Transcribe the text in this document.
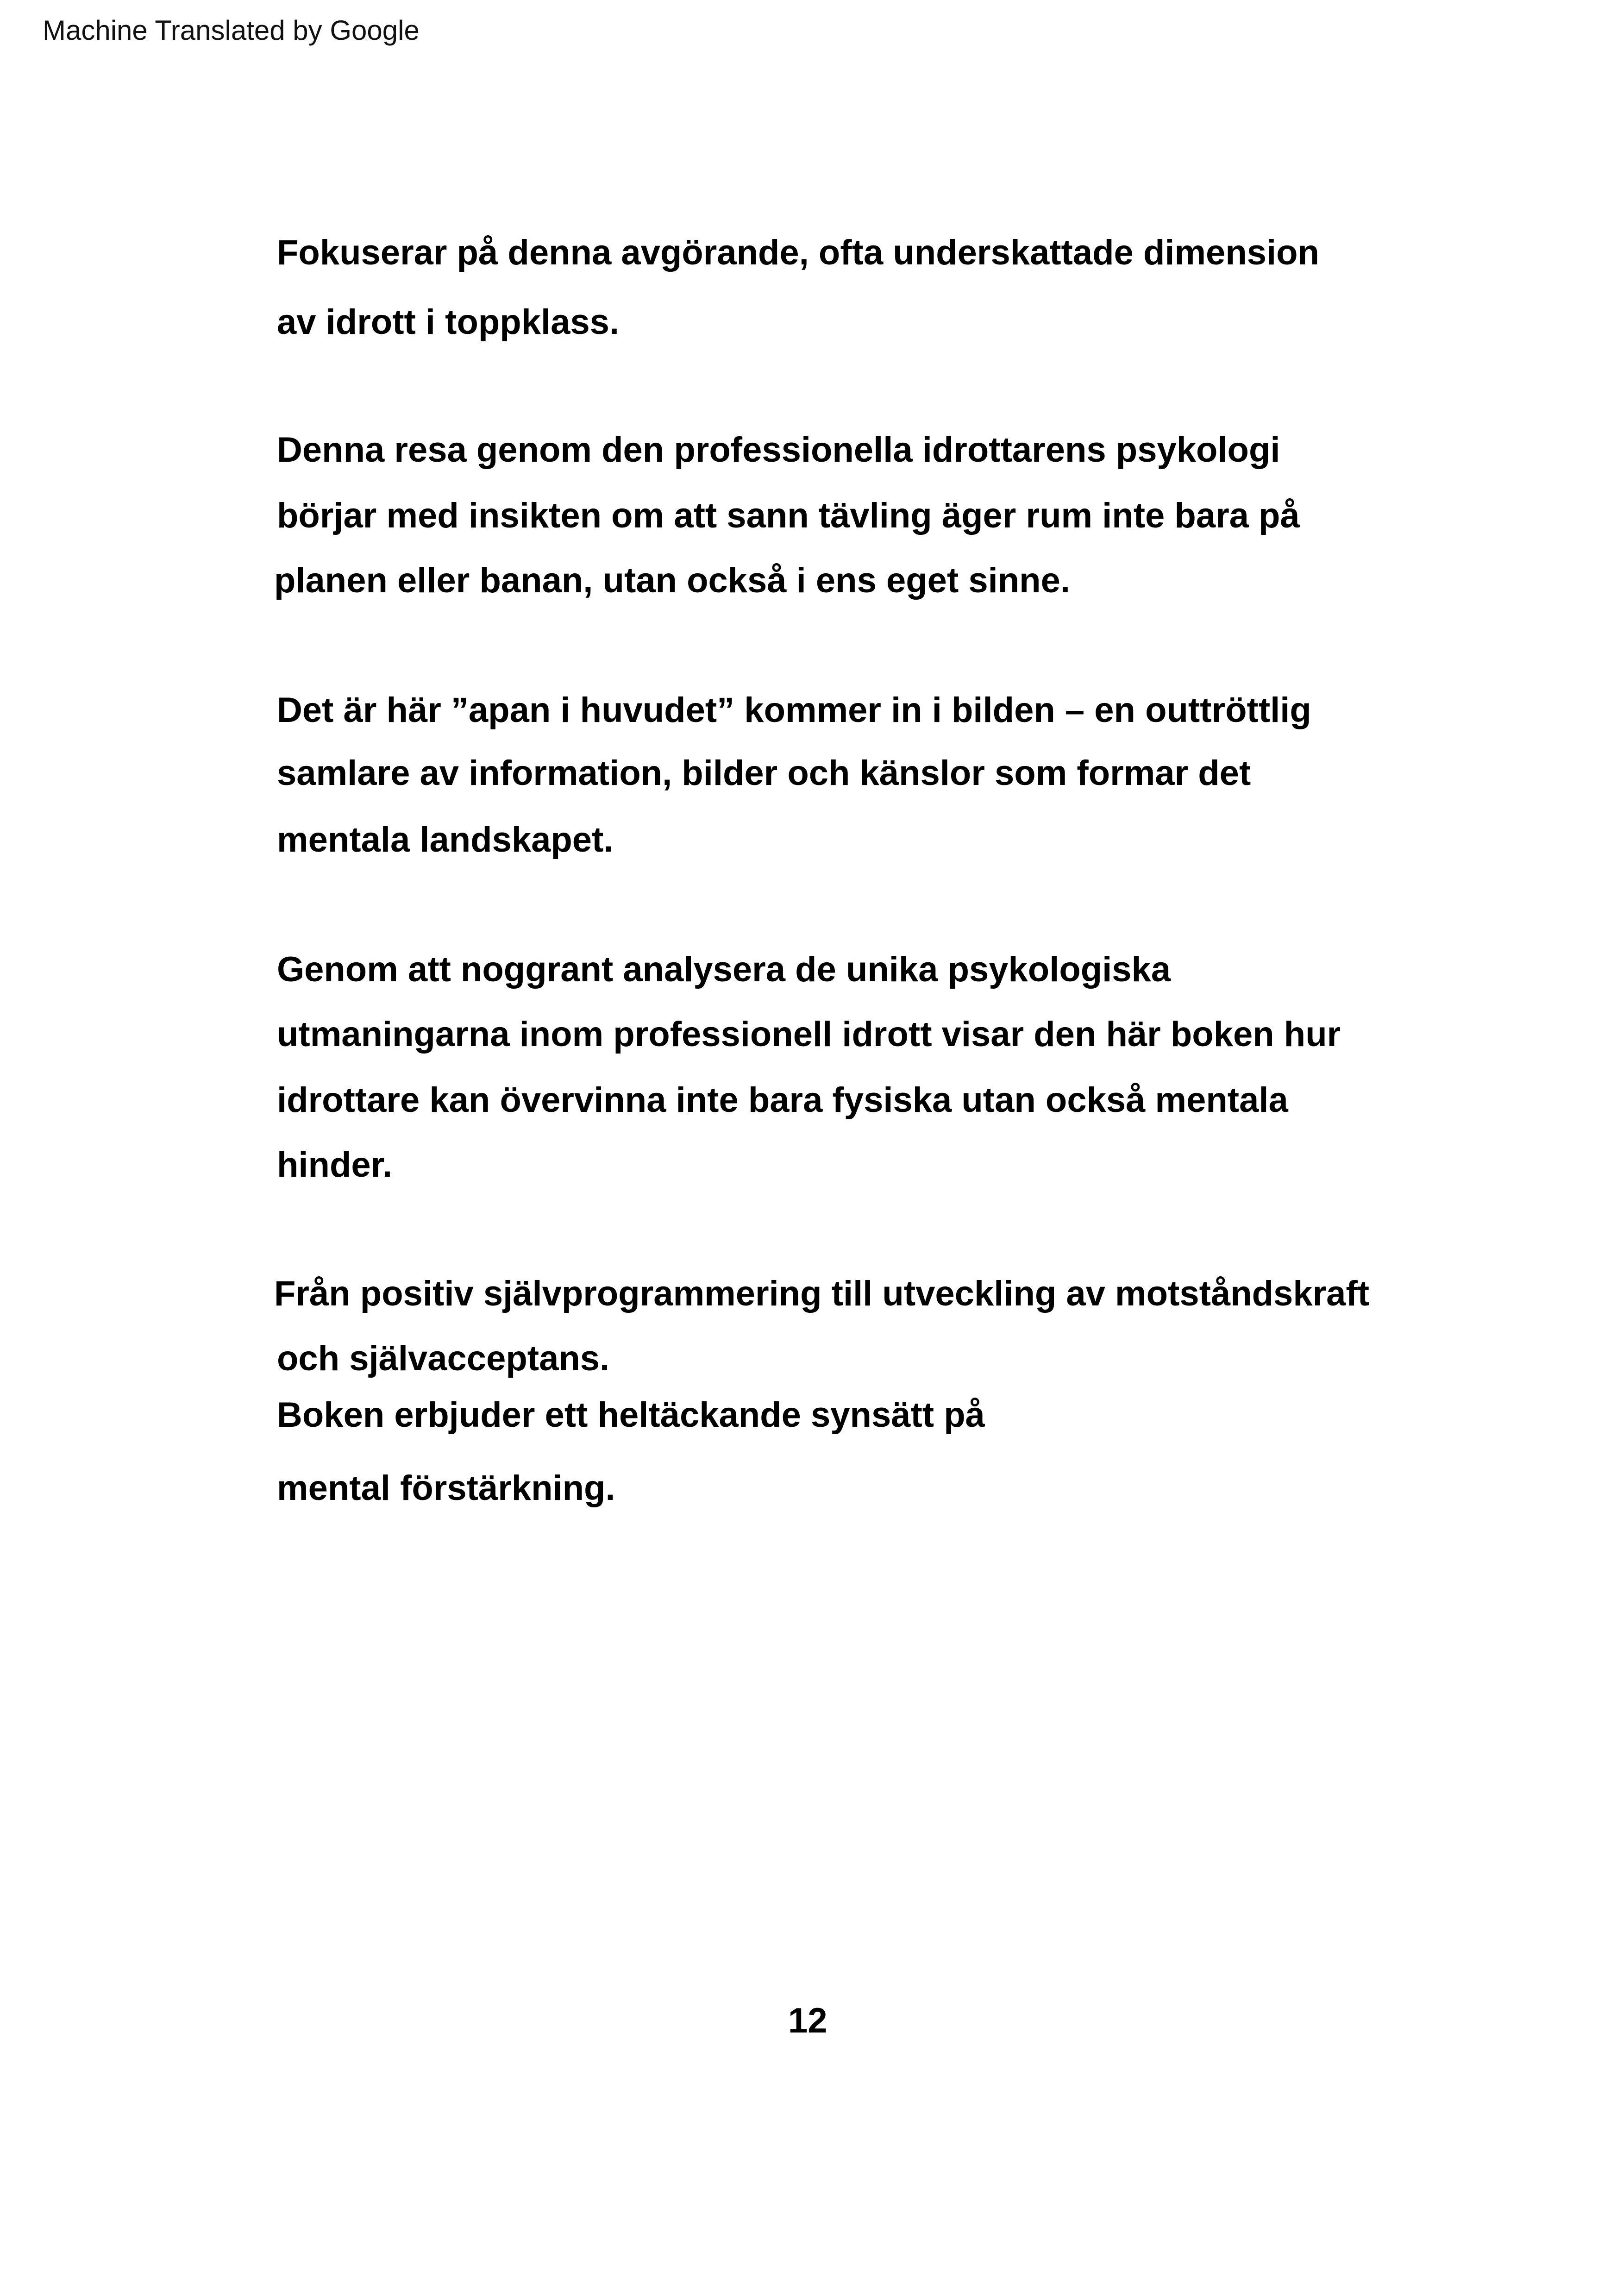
Machine Translated by Google
Fokuserar på denna avgörande, ofta underskattade dimension
av idrott i toppklass.
Denna resa genom den professionella idrottarens psykologi
börjar med insikten om att sann tävling äger rum inte bara på
planen eller banan, utan också i ens eget sinne.
Det är här ”apan i huvudet” kommer in i bilden – en outtröttlig
samlare av information, bilder och känslor som formar det
mentala landskapet.
Genom att noggrant analysera de unika psykologiska
utmaningarna inom professionell idrott visar den här boken hur
idrottare kan övervinna inte bara fysiska utan också mentala
hinder.
Från positiv självprogrammering till utveckling av motståndskraft
och självacceptans.
Boken erbjuder ett heltäckande synsätt på
mental förstärkning.
12
